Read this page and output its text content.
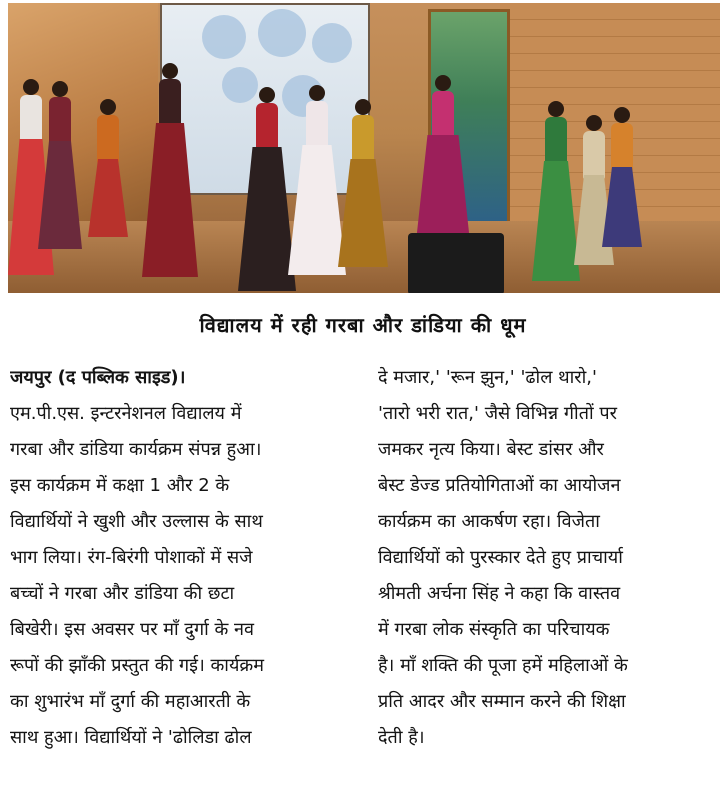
विद्यालय में रही गरबा और डांडिया की धूम
जयपुर (द पब्लिक साइड)।
एम.पी.एस. इन्टरनेशनल विद्यालय में
गरबा और डांडिया कार्यक्रम संपन्न हुआ।
इस कार्यक्रम में कक्षा 1 और 2 के
विद्यार्थियों ने खुशी और उल्लास के साथ
भाग लिया। रंग-बिरंगी पोशाकों में सजे
बच्चों ने गरबा और डांडिया की छटा
बिखेरी। इस अवसर पर माँ दुर्गा के नव
रूपों की झाँकी प्रस्तुत की गई। कार्यक्रम
का शुभारंभ माँ दुर्गा की महाआरती के
साथ हुआ। विद्यार्थियों ने 'ढोलिडा ढोल
दे मजार,' 'रून झुन,' 'ढोल थारो,'
'तारो भरी रात,' जैसे विभिन्न गीतों पर
जमकर नृत्य किया। बेस्ट डांसर और
बेस्ट डेज्ड प्रतियोगिताओं का आयोजन
कार्यक्रम का आकर्षण रहा। विजेता
विद्यार्थियों को पुरस्कार देते हुए प्राचार्या
श्रीमती अर्चना सिंह ने कहा कि वास्तव
में गरबा लोक संस्कृति का परिचायक
है। माँ शक्ति की पूजा हमें महिलाओं के
प्रति आदर और सम्मान करने की शिक्षा
देती है।
